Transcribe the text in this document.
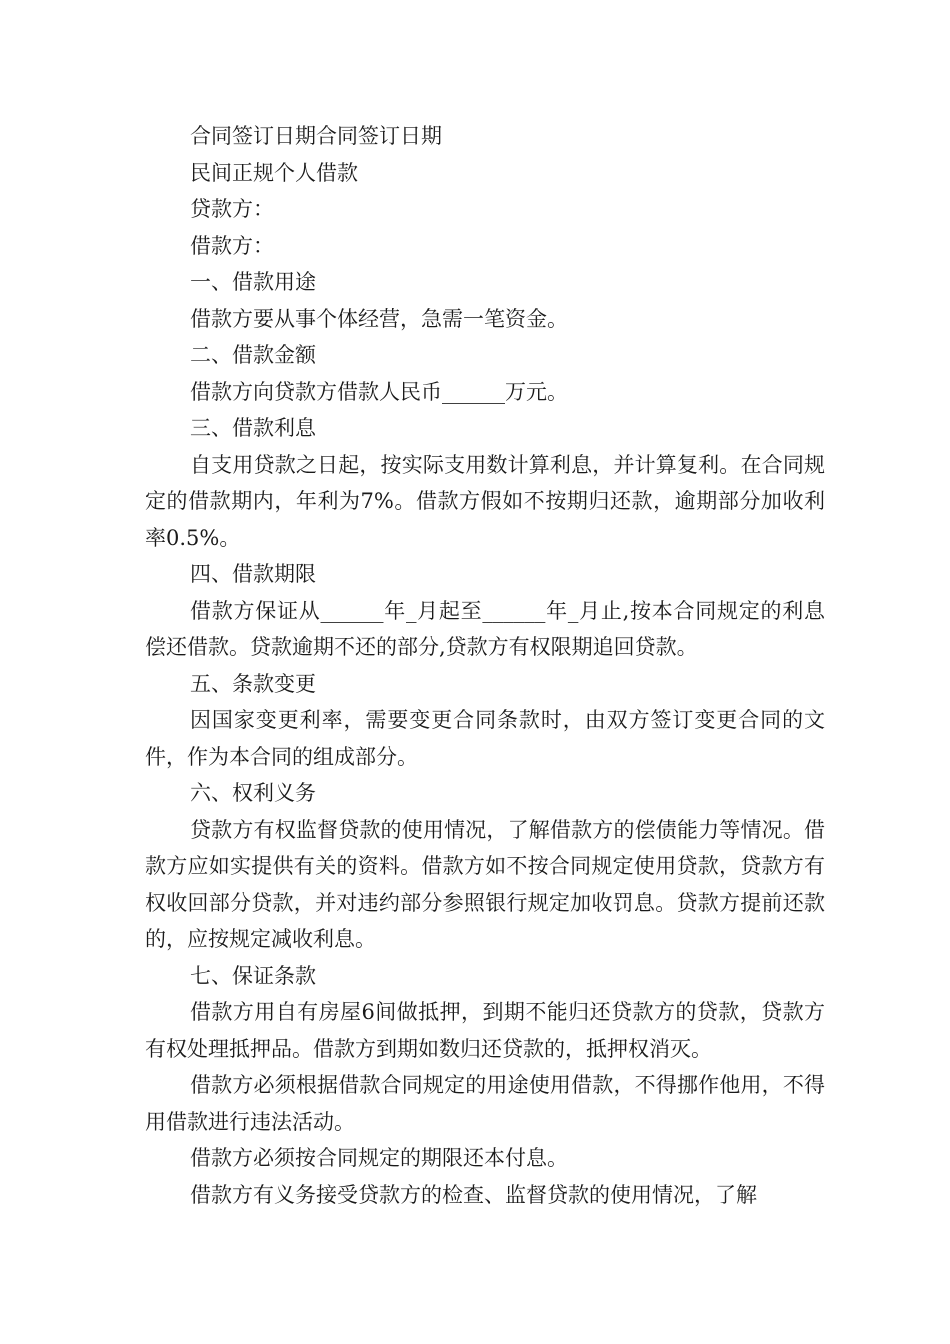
合同签订日期合同签订日期

民间正规个人借款

贷款方：

借款方：

一、借款用途

借款方要从事个体经营，急需一笔资金。

二、借款金额

借款方向贷款方借款人民币______万元。

三、借款利息

自支用贷款之日起，按实际支用数计算利息，并计算复利。在合同规定的借款期内，年利为7%。借款方假如不按期归还款，逾期部分加收利率0.5%。

四、借款期限

借款方保证从______年_月起至______年_月止,按本合同规定的利息偿还借款。贷款逾期不还的部分,贷款方有权限期追回贷款。

五、条款变更

因国家变更利率，需要变更合同条款时，由双方签订变更合同的文件，作为本合同的组成部分。

六、权利义务

贷款方有权监督贷款的使用情况，了解借款方的偿债能力等情况。借款方应如实提供有关的资料。借款方如不按合同规定使用贷款，贷款方有权收回部分贷款，并对违约部分参照银行规定加收罚息。贷款方提前还款的，应按规定减收利息。

七、保证条款

借款方用自有房屋6间做抵押，到期不能归还贷款方的贷款，贷款方有权处理抵押品。借款方到期如数归还贷款的，抵押权消灭。

借款方必须根据借款合同规定的用途使用借款，不得挪作他用，不得用借款进行违法活动。

借款方必须按合同规定的期限还本付息。

借款方有义务接受贷款方的检查、监督贷款的使用情况，了解
